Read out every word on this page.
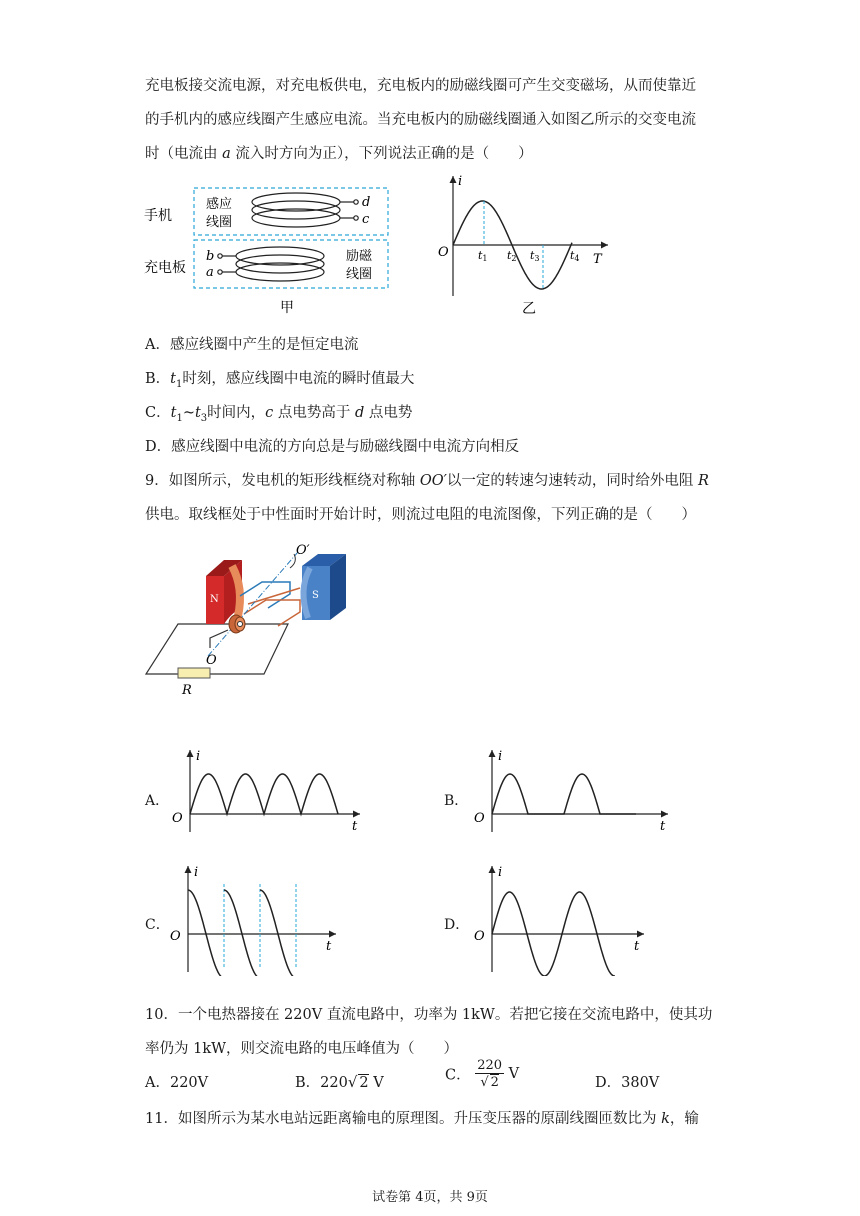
充电板接交流电源，对充电板供电，充电板内的励磁线圈可产生交变磁场，从而使靠近
的手机内的感应线圈产生感应电流。当充电板内的励磁线圈通入如图乙所示的交变电流
时（电流由 a 流入时方向为正），下列说法正确的是（　　）
手机
充电板
感应
线圈
d
c
b
a
励磁
线圈
甲
i
O	T
t1 t2 t3	t4
乙
A．感应线圈中产生的是恒定电流
B．$t_1$时刻，感应线圈中电流的瞬时值最大
C．$t_1\sim t_3$时间内，c 点电势高于 d 点电势
D．感应线圈中电流的方向总是与励磁线圈中电流方向相反
9．如图所示，发电机的矩形线框绕对称轴 OO′以一定的转速匀速转动，同时给外电阻 R
供电。取线框处于中性面时开始计时，则流过电阻的电流图像，下列正确的是（　　）
N	S
O′
O
R
A．
i
O
t
B．
i
O
t
C．
i
O
t
D．
i
O
t
10．一个电热器接在 220V 直流电路中，功率为 1kW。若把它接在交流电路中，使其功
率仍为 1kW，则交流电路的电压峰值为（　　）
A．220V	B．220√ 2 V	C． $\frac{220}{√ 2}$ V
D．380V
11．如图所示为某水电站远距离输电的原理图。升压变压器的原副线圈匝数比为 k，输
试卷第 4页，共 9页
